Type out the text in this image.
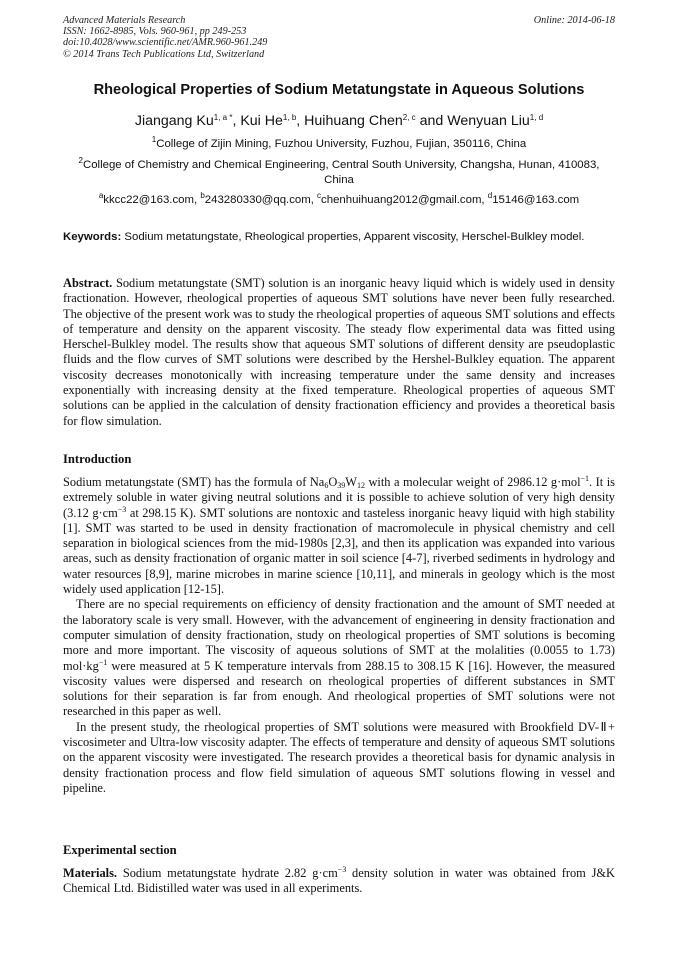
Advanced Materials Research
ISSN: 1662-8985, Vols. 960-961, pp 249-253
doi:10.4028/www.scientific.net/AMR.960-961.249
© 2014 Trans Tech Publications Ltd, Switzerland
Online: 2014-06-18
Rheological Properties of Sodium Metatungstate in Aqueous Solutions
Jiangang $Ku^{1, a *}$, Kui He$^{1, b}$, Huihuang Chen$^{2, c}$ and Wenyuan Liu$^{1, d}$
$^1$College of Zijin Mining, Fuzhou University, Fuzhou, Fujian, 350116, China
$^2$College of Chemistry and Chemical Engineering, Central South University, Changsha, Hunan, 410083, China
$^a$kkcc22@163.com, $^b$243280330@qq.com, $^c$chenhuihuang2012@gmail.com, $^d$15146@163.com
Keywords: Sodium metatungstate, Rheological properties, Apparent viscosity, Herschel-Bulkley model.

Abstract. Sodium metatungstate (SMT) solution is an inorganic heavy liquid which is widely used in density fractionation. However, rheological properties of aqueous SMT solutions have never been fully researched. The objective of the present work was to study the rheological properties of aqueous SMT solutions and effects of temperature and density on the apparent viscosity. The steady flow experimental data was fitted using Herschel-Bulkley model. The results show that aqueous SMT solutions of different density are pseudoplastic fluids and the flow curves of SMT solutions were described by the Hershel-Bulkley equation. The apparent viscosity decreases monotonically with increasing temperature under the same density and increases exponentially with increasing density at the fixed temperature. Rheological properties of aqueous SMT solutions can be applied in the calculation of density fractionation efficiency and provides a theoretical basis for flow simulation.

Introduction

Sodium metatungstate (SMT) has the formula of $Na_6O_{39}W_{12}$ with a molecular weight of 2986.12 g·mol$^{-1}$. It is extremely soluble in water giving neutral solutions and it is possible to achieve solution of very high density (3.12 $g\cdot cm^{-3}$ at 298.15 K). SMT solutions are nontoxic and tasteless inorganic heavy liquid with high stability [1]. SMT was started to be used in density fractionation of macromolecule in physical chemistry and cell separation in biological sciences from the mid-1980s [2,3], and then its application was expanded into various areas, such as density fractionation of organic matter in soil science [4-7], riverbed sediments in hydrology and water resources [8,9], marine microbes in marine science [10,11], and minerals in geology which is the most widely used application [12-15].

There are no special requirements on efficiency of density fractionation and the amount of SMT needed at the laboratory scale is very small. However, with the advancement of engineering in density fractionation and computer simulation of density fractionation, study on rheological properties of SMT solutions is becoming more and more important. The viscosity of aqueous solutions of SMT at the molalities (0.0055 to 1.73) $mol\cdot kg^{-1}$ were measured at 5 K temperature intervals from 288.15 to 308.15 K [16]. However, the measured viscosity values were dispersed and research on rheological properties of different substances in SMT solutions for their separation is far from enough. And rheological properties of SMT solutions were not researched in this paper as well.

In the present study, the rheological properties of SMT solutions were measured with Brookfield DV-Ⅱ+ viscosimeter and Ultra-low viscosity adapter. The effects of temperature and density of aqueous SMT solutions on the apparent viscosity were investigated. The research provides a theoretical basis for dynamic analysis in density fractionation process and flow field simulation of aqueous SMT solutions flowing in vessel and pipeline.

Experimental section

Materials. Sodium metatungstate hydrate 2.82 $g\cdot cm^{-3}$ density solution in water was obtained from J&K Chemical Ltd. Bidistilled water was used in all experiments.
